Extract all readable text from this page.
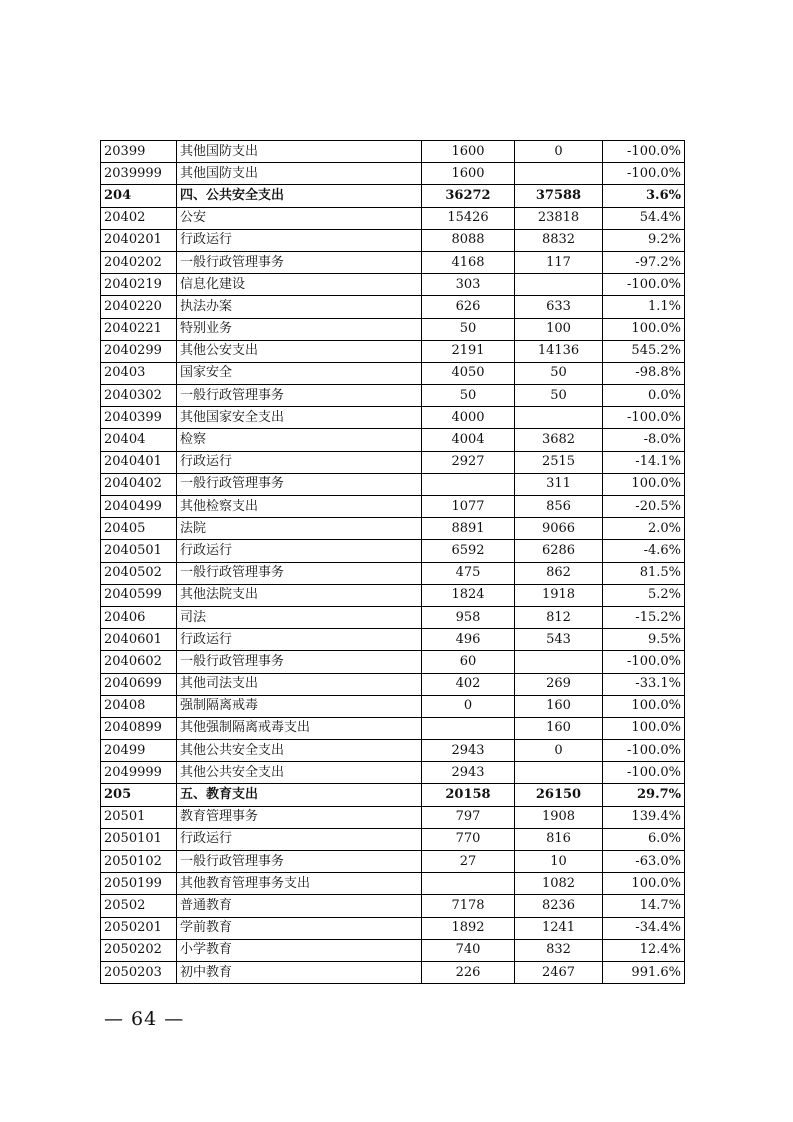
20399	其他国防支出	1600	0	-100.0%
2039999	其他国防支出	1600		-100.0%
204	四、公共安全支出	36272	37588	3.6%
20402	公安	15426	23818	54.4%
2040201	行政运行	8088	8832	9.2%
2040202	一般行政管理事务	4168	117	-97.2%
2040219	信息化建设	303		-100.0%
2040220	执法办案	626	633	1.1%
2040221	特别业务	50	100	100.0%
2040299	其他公安支出	2191	14136	545.2%
20403	国家安全	4050	50	-98.8%
2040302	一般行政管理事务	50	50	0.0%
2040399	其他国家安全支出	4000		-100.0%
20404	检察	4004	3682	-8.0%
2040401	行政运行	2927	2515	-14.1%
2040402	一般行政管理事务		311	100.0%
2040499	其他检察支出	1077	856	-20.5%
20405	法院	8891	9066	2.0%
2040501	行政运行	6592	6286	-4.6%
2040502	一般行政管理事务	475	862	81.5%
2040599	其他法院支出	1824	1918	5.2%
20406	司法	958	812	-15.2%
2040601	行政运行	496	543	9.5%
2040602	一般行政管理事务	60		-100.0%
2040699	其他司法支出	402	269	-33.1%
20408	强制隔离戒毒	0	160	100.0%
2040899	其他强制隔离戒毒支出		160	100.0%
20499	其他公共安全支出	2943	0	-100.0%
2049999	其他公共安全支出	2943		-100.0%
205	五、教育支出	20158	26150	29.7%
20501	教育管理事务	797	1908	139.4%
2050101	行政运行	770	816	6.0%
2050102	一般行政管理事务	27	10	-63.0%
2050199	其他教育管理事务支出		1082	100.0%
20502	普通教育	7178	8236	14.7%
2050201	学前教育	1892	1241	-34.4%
2050202	小学教育	740	832	12.4%
2050203	初中教育	226	2467	991.6%
— 64 —
